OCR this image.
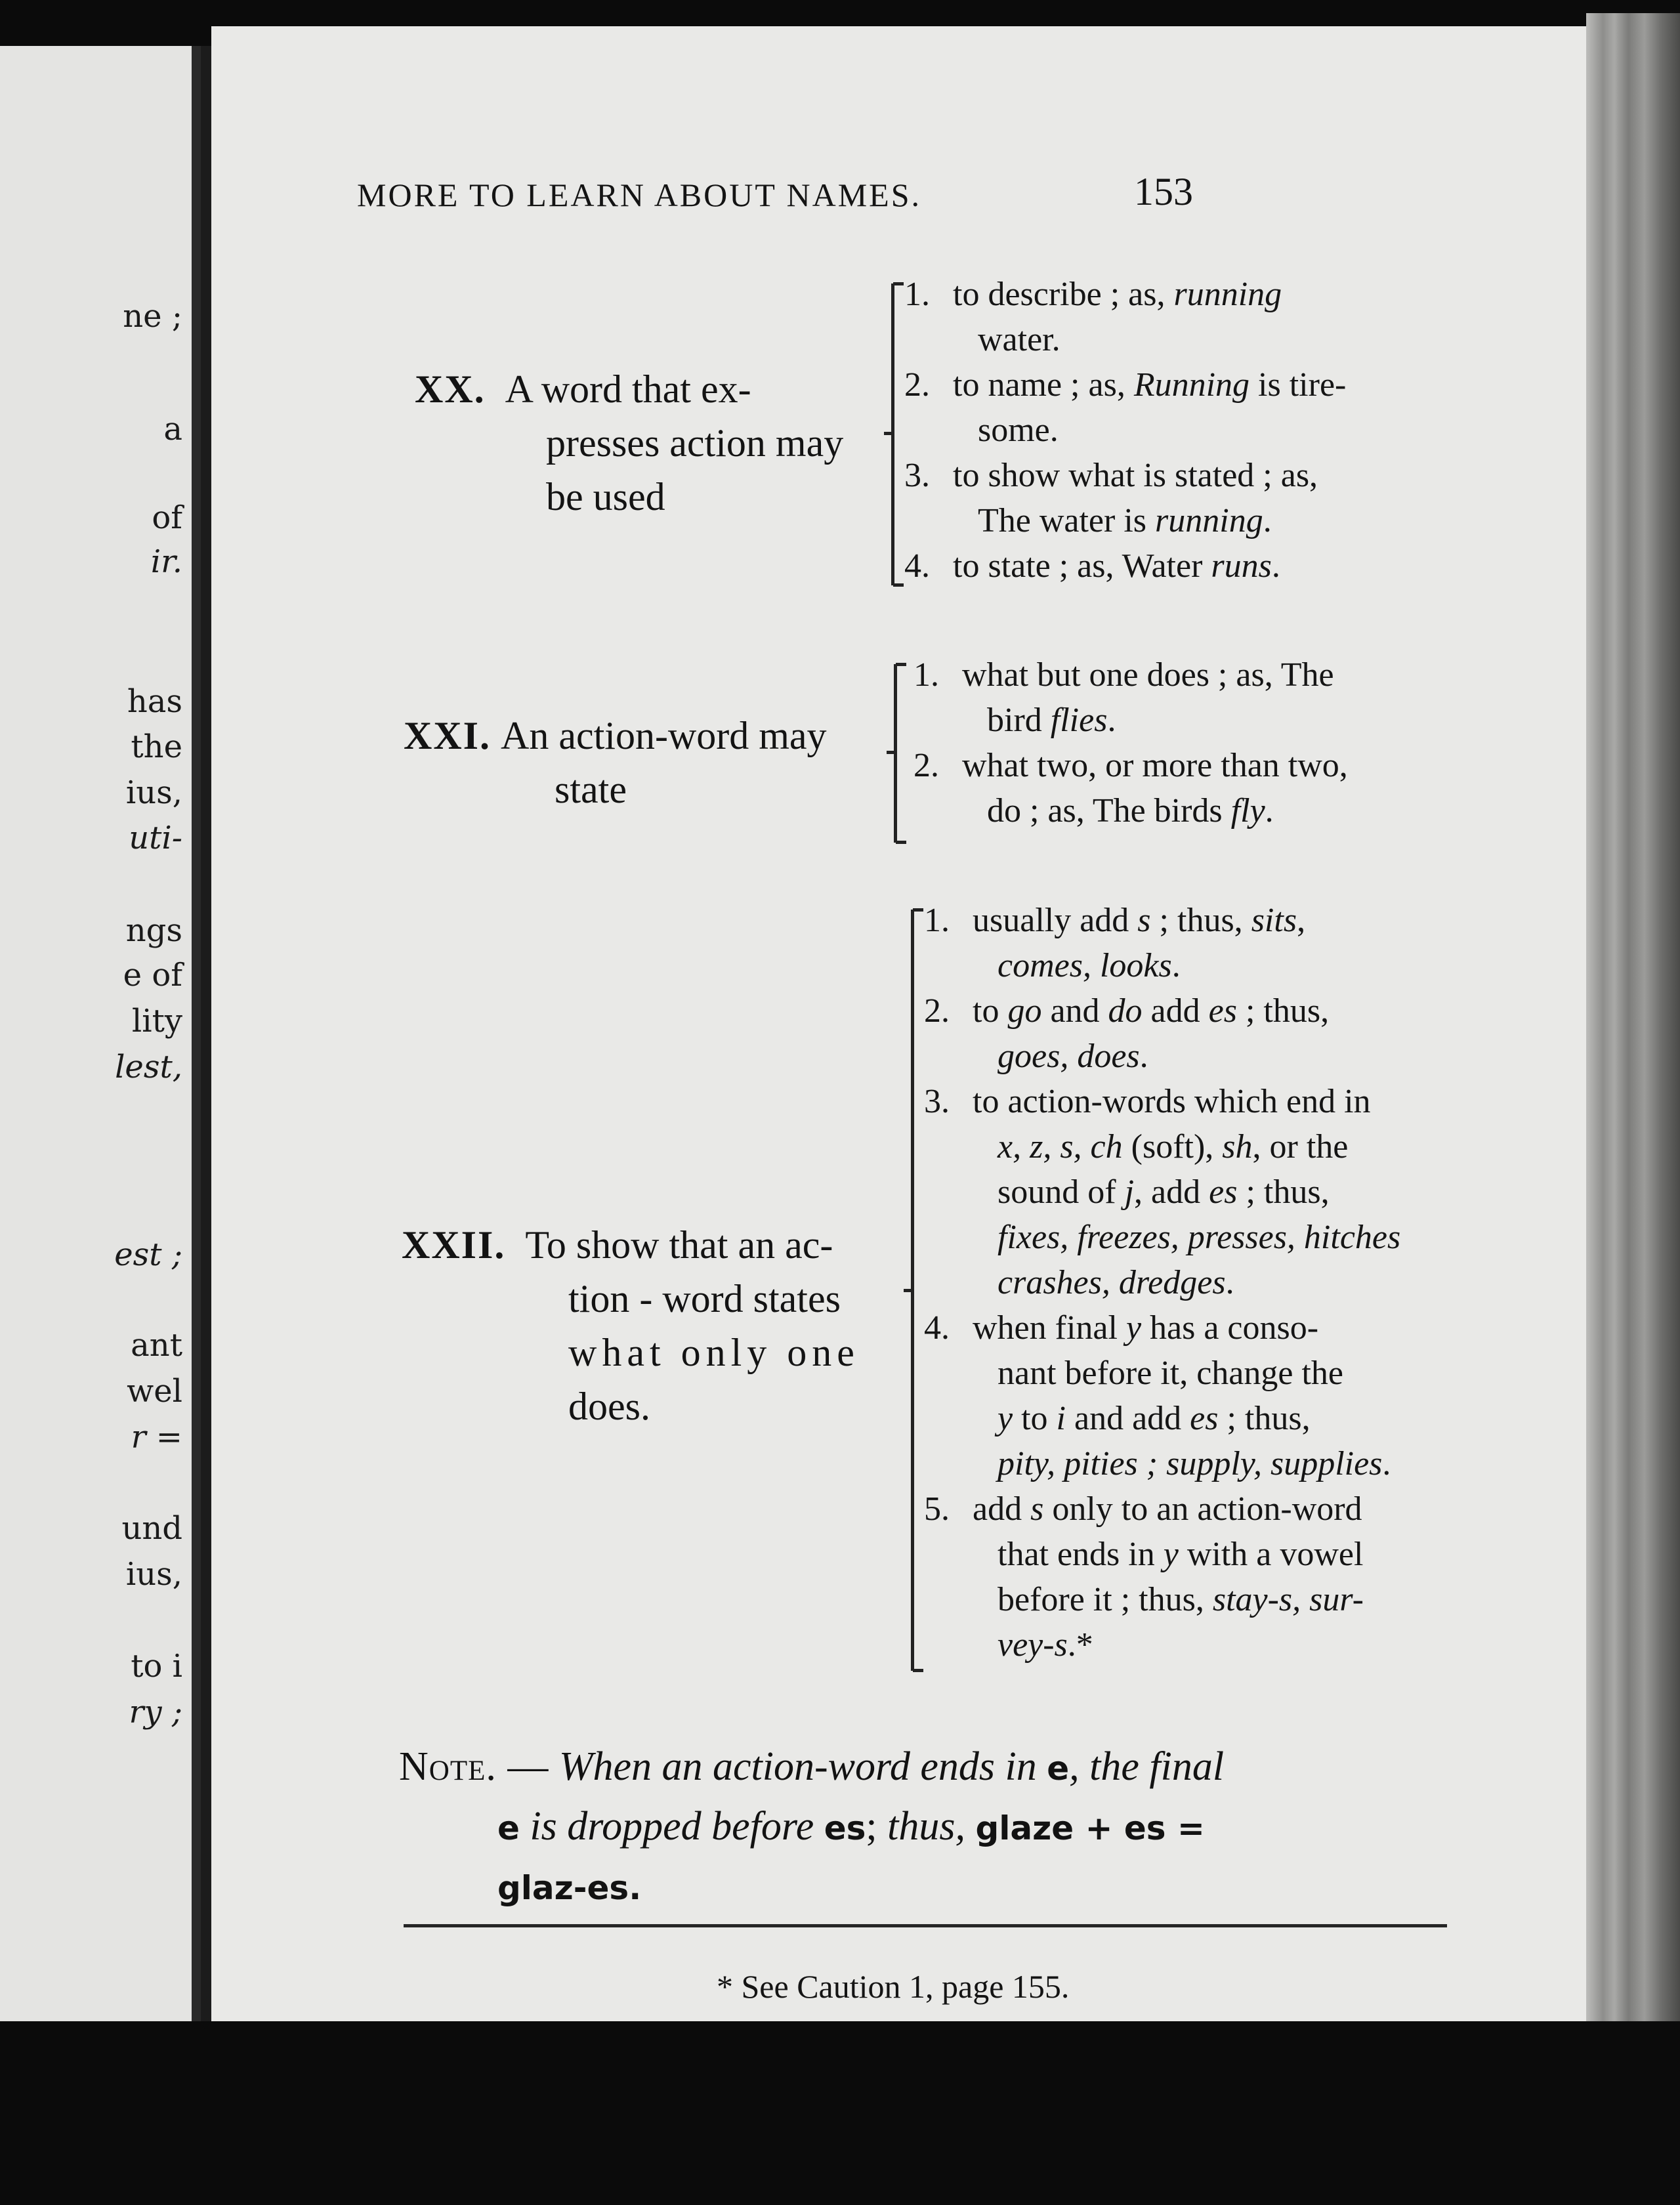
ne ;
a
of
ir.
has
the
ius,
uti-
ngs
e of
lity
lest,
est ;
ant
wel
r =
und
ius,
to i
ry ;
MORE TO LEARN ABOUT NAMES.	153
XX. A word that ex-
presses action may
be used
1. to describe ; as, running
water.
2. to name ; as, Running is tire-
some.
3. to show what is stated ; as,
The water is running.
4. to state ; as, Water runs.
XXI. An action-word may
state
1. what but one does ; as, The
bird flies.
2. what two, or more than two,
do ; as, The birds fly.
XXII. To show that an ac-
tion - word states
what only one
does.
1. usually add s ; thus, sits,
comes, looks.
2. to go and do add es ; thus,
goes, does.
3. to action-words which end in
x, z, s, ch (soft), sh, or the
sound of j, add es ; thus,
fixes, freezes, presses, hitches
crashes, dredges.
4. when final y has a conso-
nant before it, change the
y to i and add es ; thus,
pity, pities ; supply, supplies.
5. add s only to an action-word
that ends in y with a vowel
before it ; thus, stay-s, sur-
vey-s.*
Note. — When an action-word ends in e, the final
e is dropped before es; thus, glaze + es =
glaz-es.
* See Caution 1, page 155.
